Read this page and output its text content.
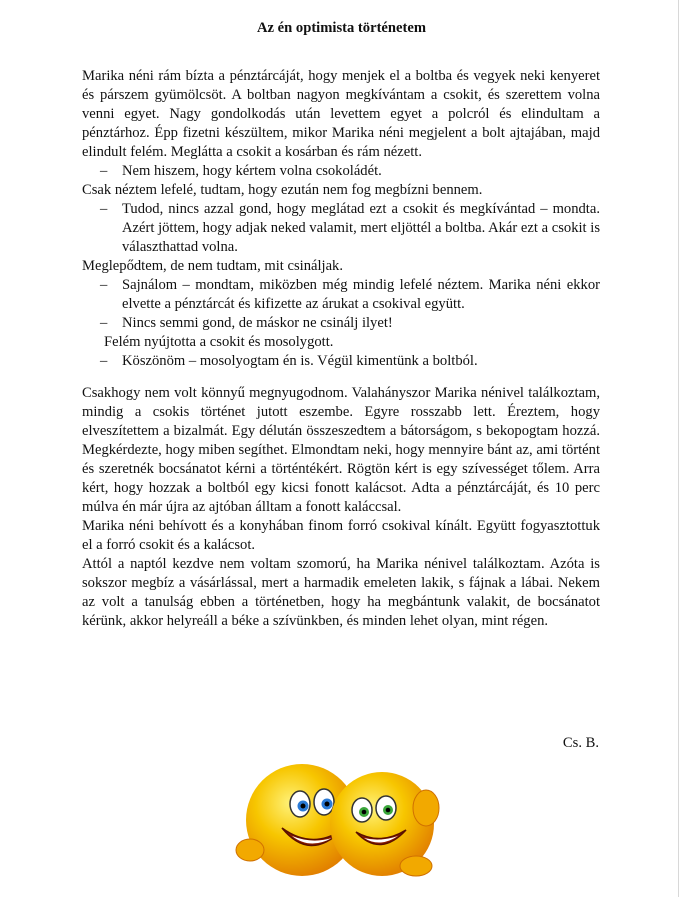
Az én optimista történetem

Marika néni rám bízta a pénztárcáját, hogy menjek el a boltba és vegyek neki kenyeret és párszem gyümölcsöt. A boltban nagyon megkívántam a csokit, és szerettem volna venni egyet. Nagy gondolkodás után levettem egyet a polcról és elindultam a pénztárhoz. Épp fizetni készültem, mikor Marika néni megjelent a bolt ajtajában, majd elindult felém. Meglátta a csokit a kosárban és rám nézett.

– Nem hiszem, hogy kértem volna csokoládét.

Csak néztem lefelé, tudtam, hogy ezután nem fog megbízni bennem.

– Tudod, nincs azzal gond, hogy meglátad ezt a csokit és megkívántad – mondta. Azért jöttem, hogy adjak neked valamit, mert eljöttél a boltba. Akár ezt a csokit is választhattad volna.

Meglepődtem, de nem tudtam, mit csináljak.

– Sajnálom – mondtam, miközben még mindig lefelé néztem. Marika néni ekkor elvette a pénztárcát és kifizette az árukat a csokival együtt.

– Nincs semmi gond, de máskor ne csinálj ilyet!

Felém nyújtotta a csokit és mosolygott.

– Köszönöm – mosolyogtam én is. Végül kimentünk a boltból.

Csakhogy nem volt könnyű megnyugodnom. Valahányszor Marika nénivel találkoztam, mindig a csokis történet jutott eszembe. Egyre rosszabb lett. Éreztem, hogy elveszítettem a bizalmát. Egy délután összeszedtem a bátorságom, s bekopogtam hozzá. Megkérdezte, hogy miben segíthet. Elmondtam neki, hogy mennyire bánt az, ami történt és szeretnék bocsánatot kérni a történtékért. Rögtön kért is egy szívességet tőlem. Arra kért, hogy hozzak a boltból egy kicsi fonott kalácsot. Adta a pénztárcáját, és 10 perc múlva én már újra az ajtóban álltam a fonott kaláccsal.

Marika néni behívott és a konyhában finom forró csokival kínált. Együtt fogyasztottuk el a forró csokit és a kalácsot.

Attól a naptól kezdve nem voltam szomorú, ha Marika nénivel találkoztam. Azóta is sokszor megbíz a vásárlással, mert a harmadik emeleten lakik, s fájnak a lábai. Nekem az volt a tanulság ebben a történetben, hogy ha megbántunk valakit, de bocsánatot kérünk, akkor helyreáll a béke a szívünkben, és minden lehet olyan, mint régen.

Cs. B.
